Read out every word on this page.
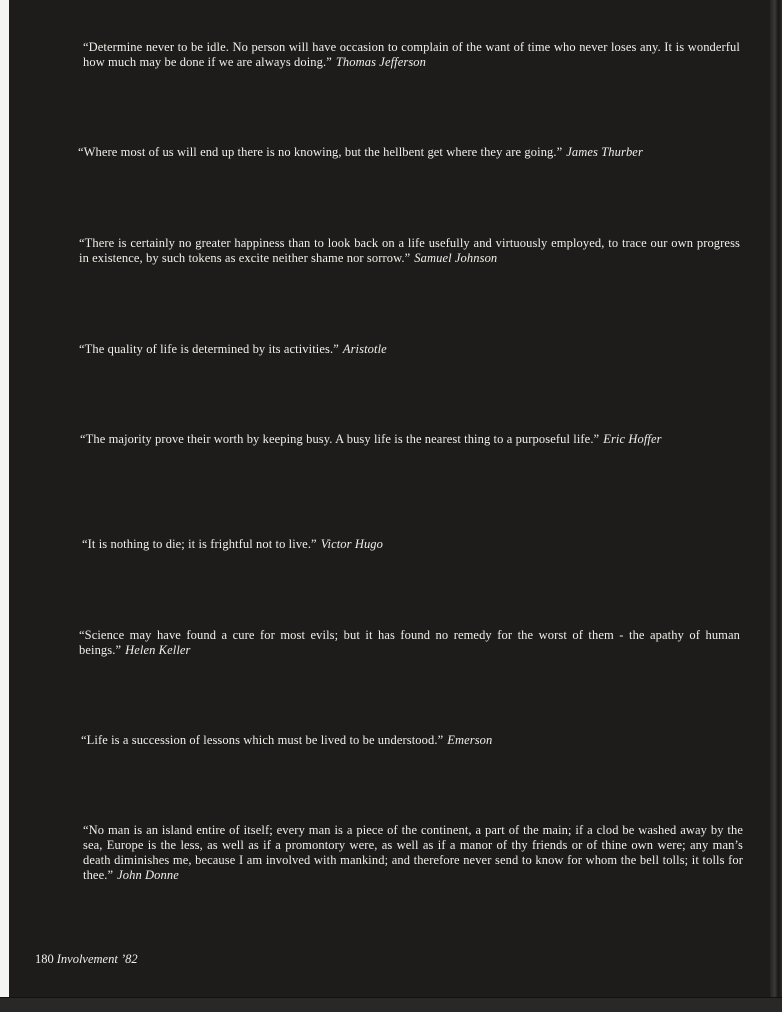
“Determine never to be idle. No person will have occasion to complain of the want of time who never loses any. It is wonderful how much may be done if we are always doing.” Thomas Jefferson

“Where most of us will end up there is no knowing, but the hellbent get where they are going.” James Thurber

“There is certainly no greater happiness than to look back on a life usefully and virtuously employed, to trace our own progress in existence, by such tokens as excite neither shame nor sorrow.” Samuel Johnson

“The quality of life is determined by its activities.” Aristotle

“The majority prove their worth by keeping busy. A busy life is the nearest thing to a purposeful life.” Eric Hoffer

“It is nothing to die; it is frightful not to live.” Victor Hugo

“Science may have found a cure for most evils; but it has found no remedy for the worst of them - the apathy of human beings.” Helen Keller

“Life is a succession of lessons which must be lived to be understood.” Emerson

“No man is an island entire of itself; every man is a piece of the continent, a part of the main; if a clod be washed away by the sea, Europe is the less, as well as if a promontory were, as well as if a manor of thy friends or of thine own were; any man’s death diminishes me, because I am involved with mankind; and therefore never send to know for whom the bell tolls; it tolls for thee.” John Donne

180 Involvement ’82
